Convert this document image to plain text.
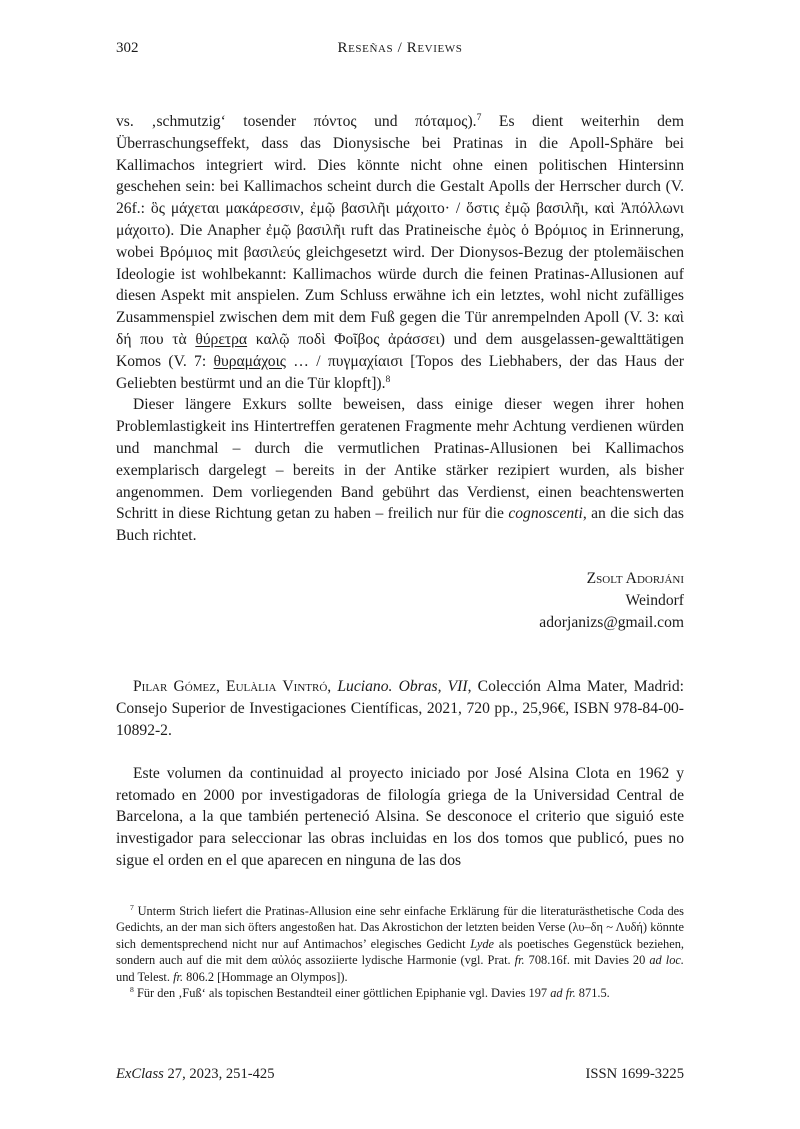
302	Reseñas / Reviews

vs. ‚schmutzig‘ tosender πόντος und πόταμος).$^7$ Es dient weiterhin dem Überraschungseffekt, dass das Dionysische bei Pratinas in die Apoll-Sphäre bei Kallimachos integriert wird. Dies könnte nicht ohne einen politischen Hintersinn geschehen sein: bei Kallimachos scheint durch die Gestalt Apolls der Herrscher durch (V. 26f.: ὃς μάχεται μακάρεσσιν, ἐμῷ βασιλῆι μάχοιτο· / ὅστις ἐμῷ βασιλῆι, καὶ Ἀπόλλωνι μάχοιτο). Die Anapher ἐμῷ βασιλῆι ruft das Pratineische ἐμὸς ὁ Βρόμιος in Erinnerung, wobei Βρόμιος mit βασιλεύς gleichgesetzt wird. Der Dionysos-Bezug der ptolemäischen Ideologie ist wohlbekannt: Kallimachos würde durch die feinen Pratinas-Allusionen auf diesen Aspekt mit anspielen. Zum Schluss erwähne ich ein letztes, wohl nicht zufälliges Zusammenspiel zwischen dem mit dem Fuß gegen die Tür anrempelnden Apoll (V. 3: καὶ δή που τὰ θύρετρα καλῷ ποδὶ Φοῖβος ἀράσσει) und dem ausgelassen-gewalttätigen Komos (V. 7: θυραμάχοις … / πυγμαχίαισι [Topos des Liebhabers, der das Haus der Geliebten bestürmt und an die Tür klopft]).$^8$

Dieser längere Exkurs sollte beweisen, dass einige dieser wegen ihrer hohen Problemlastigkeit ins Hintertreffen geratenen Fragmente mehr Achtung verdienen würden und manchmal – durch die vermutlichen Pratinas-Allusionen bei Kallimachos exemplarisch dargelegt – bereits in der Antike stärker rezipiert wurden, als bisher angenommen. Dem vorliegenden Band gebührt das Verdienst, einen beachtenswerten Schritt in diese Richtung getan zu haben – freilich nur für die cognoscenti, an die sich das Buch richtet.

Zsolt Adorjáni
Weindorf
adorjanizs@gmail.com

Pilar Gómez, Eulàlia Vintró, Luciano. Obras, VII, Colección Alma Mater, Madrid: Consejo Superior de Investigaciones Científicas, 2021, 720 pp., 25,96€, ISBN 978-84-00-10892-2.

Este volumen da continuidad al proyecto iniciado por José Alsina Clota en 1962 y retomado en 2000 por investigadoras de filología griega de la Universidad Central de Barcelona, a la que también perteneció Alsina. Se desconoce el criterio que siguió este investigador para seleccionar las obras incluidas en los dos tomos que publicó, pues no sigue el orden en el que aparecen en ninguna de las dos

$^7$ Unterm Strich liefert die Pratinas-Allusion eine sehr einfache Erklärung für die literaturästhetische Coda des Gedichts, an der man sich öfters angestoßen hat. Das Akrostichon der letzten beiden Verse (λυ–δη ~ Λυδή) könnte sich dementsprechend nicht nur auf Antimachos’ elegisches Gedicht Lyde als poetisches Gegenstück beziehen, sondern auch auf die mit dem αὐλός assoziierte lydische Harmonie (vgl. Prat. fr. 708.16f. mit Davies 20 ad loc. und Telest. fr. 806.2 [Hommage an Olympos]).

$^8$ Für den ‚Fuß‘ als topischen Bestandteil einer göttlichen Epiphanie vgl. Davies 197 ad fr. 871.5.

ExClass 27, 2023, 251-425	ISSN 1699-3225
